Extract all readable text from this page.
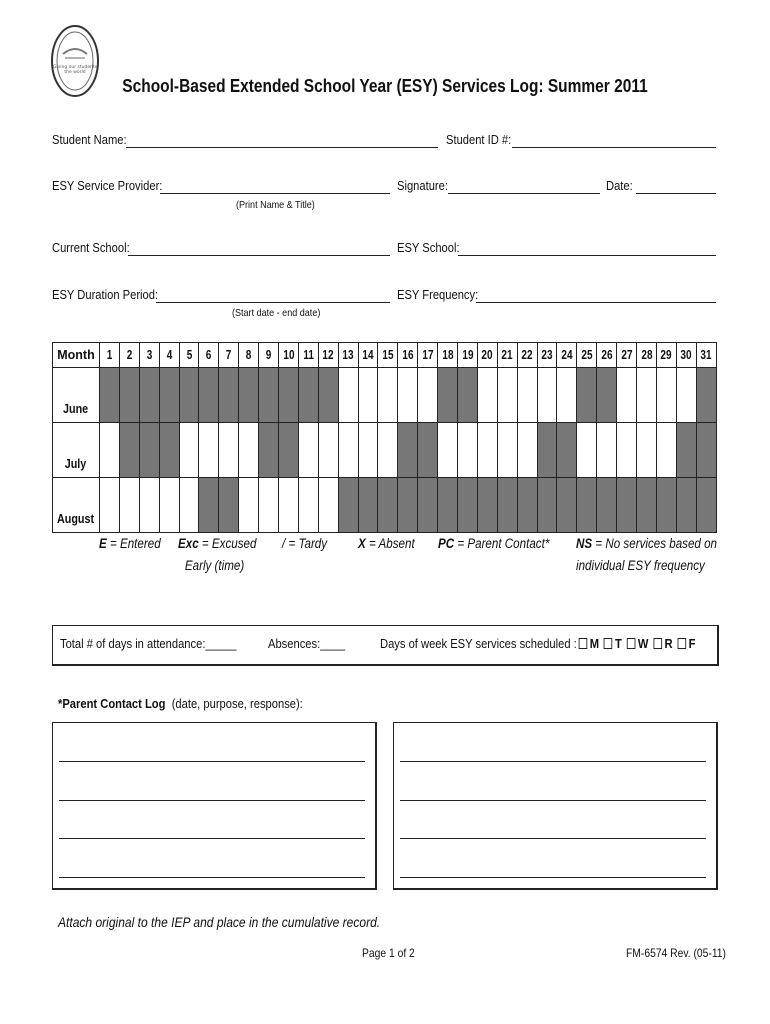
Giving our students
the world
School-Based Extended School Year (ESY) Services Log: Summer 2011
Student Name:	Student ID #:
ESY Service Provider:
(Print Name & Title)
Signature:	Date:
Current School:	ESY School:
ESY Duration Period:
(Start date - end date)
ESY Frequency:
Month	1	2	3	4	5	6	7	8	9	10	11	12	13	14	15	16	17	18	19	20	21	22	23	24	25	26	27	28	29	30	31
June																															
July																															
August																															
E = Entered Exc = Excused
Early (time)
/ = Tardy X = Absent PC = Parent Contact* NS = No services based on
individual ESY frequency
Total # of days in attendance:_____ Absences:____	Days of week ESY services scheduled : M T W R F
*Parent Contact Log (date, purpose, response):
Attach original to the IEP and place in the cumulative record.
Page 1 of 2	FM-6574 Rev. (05-11)
